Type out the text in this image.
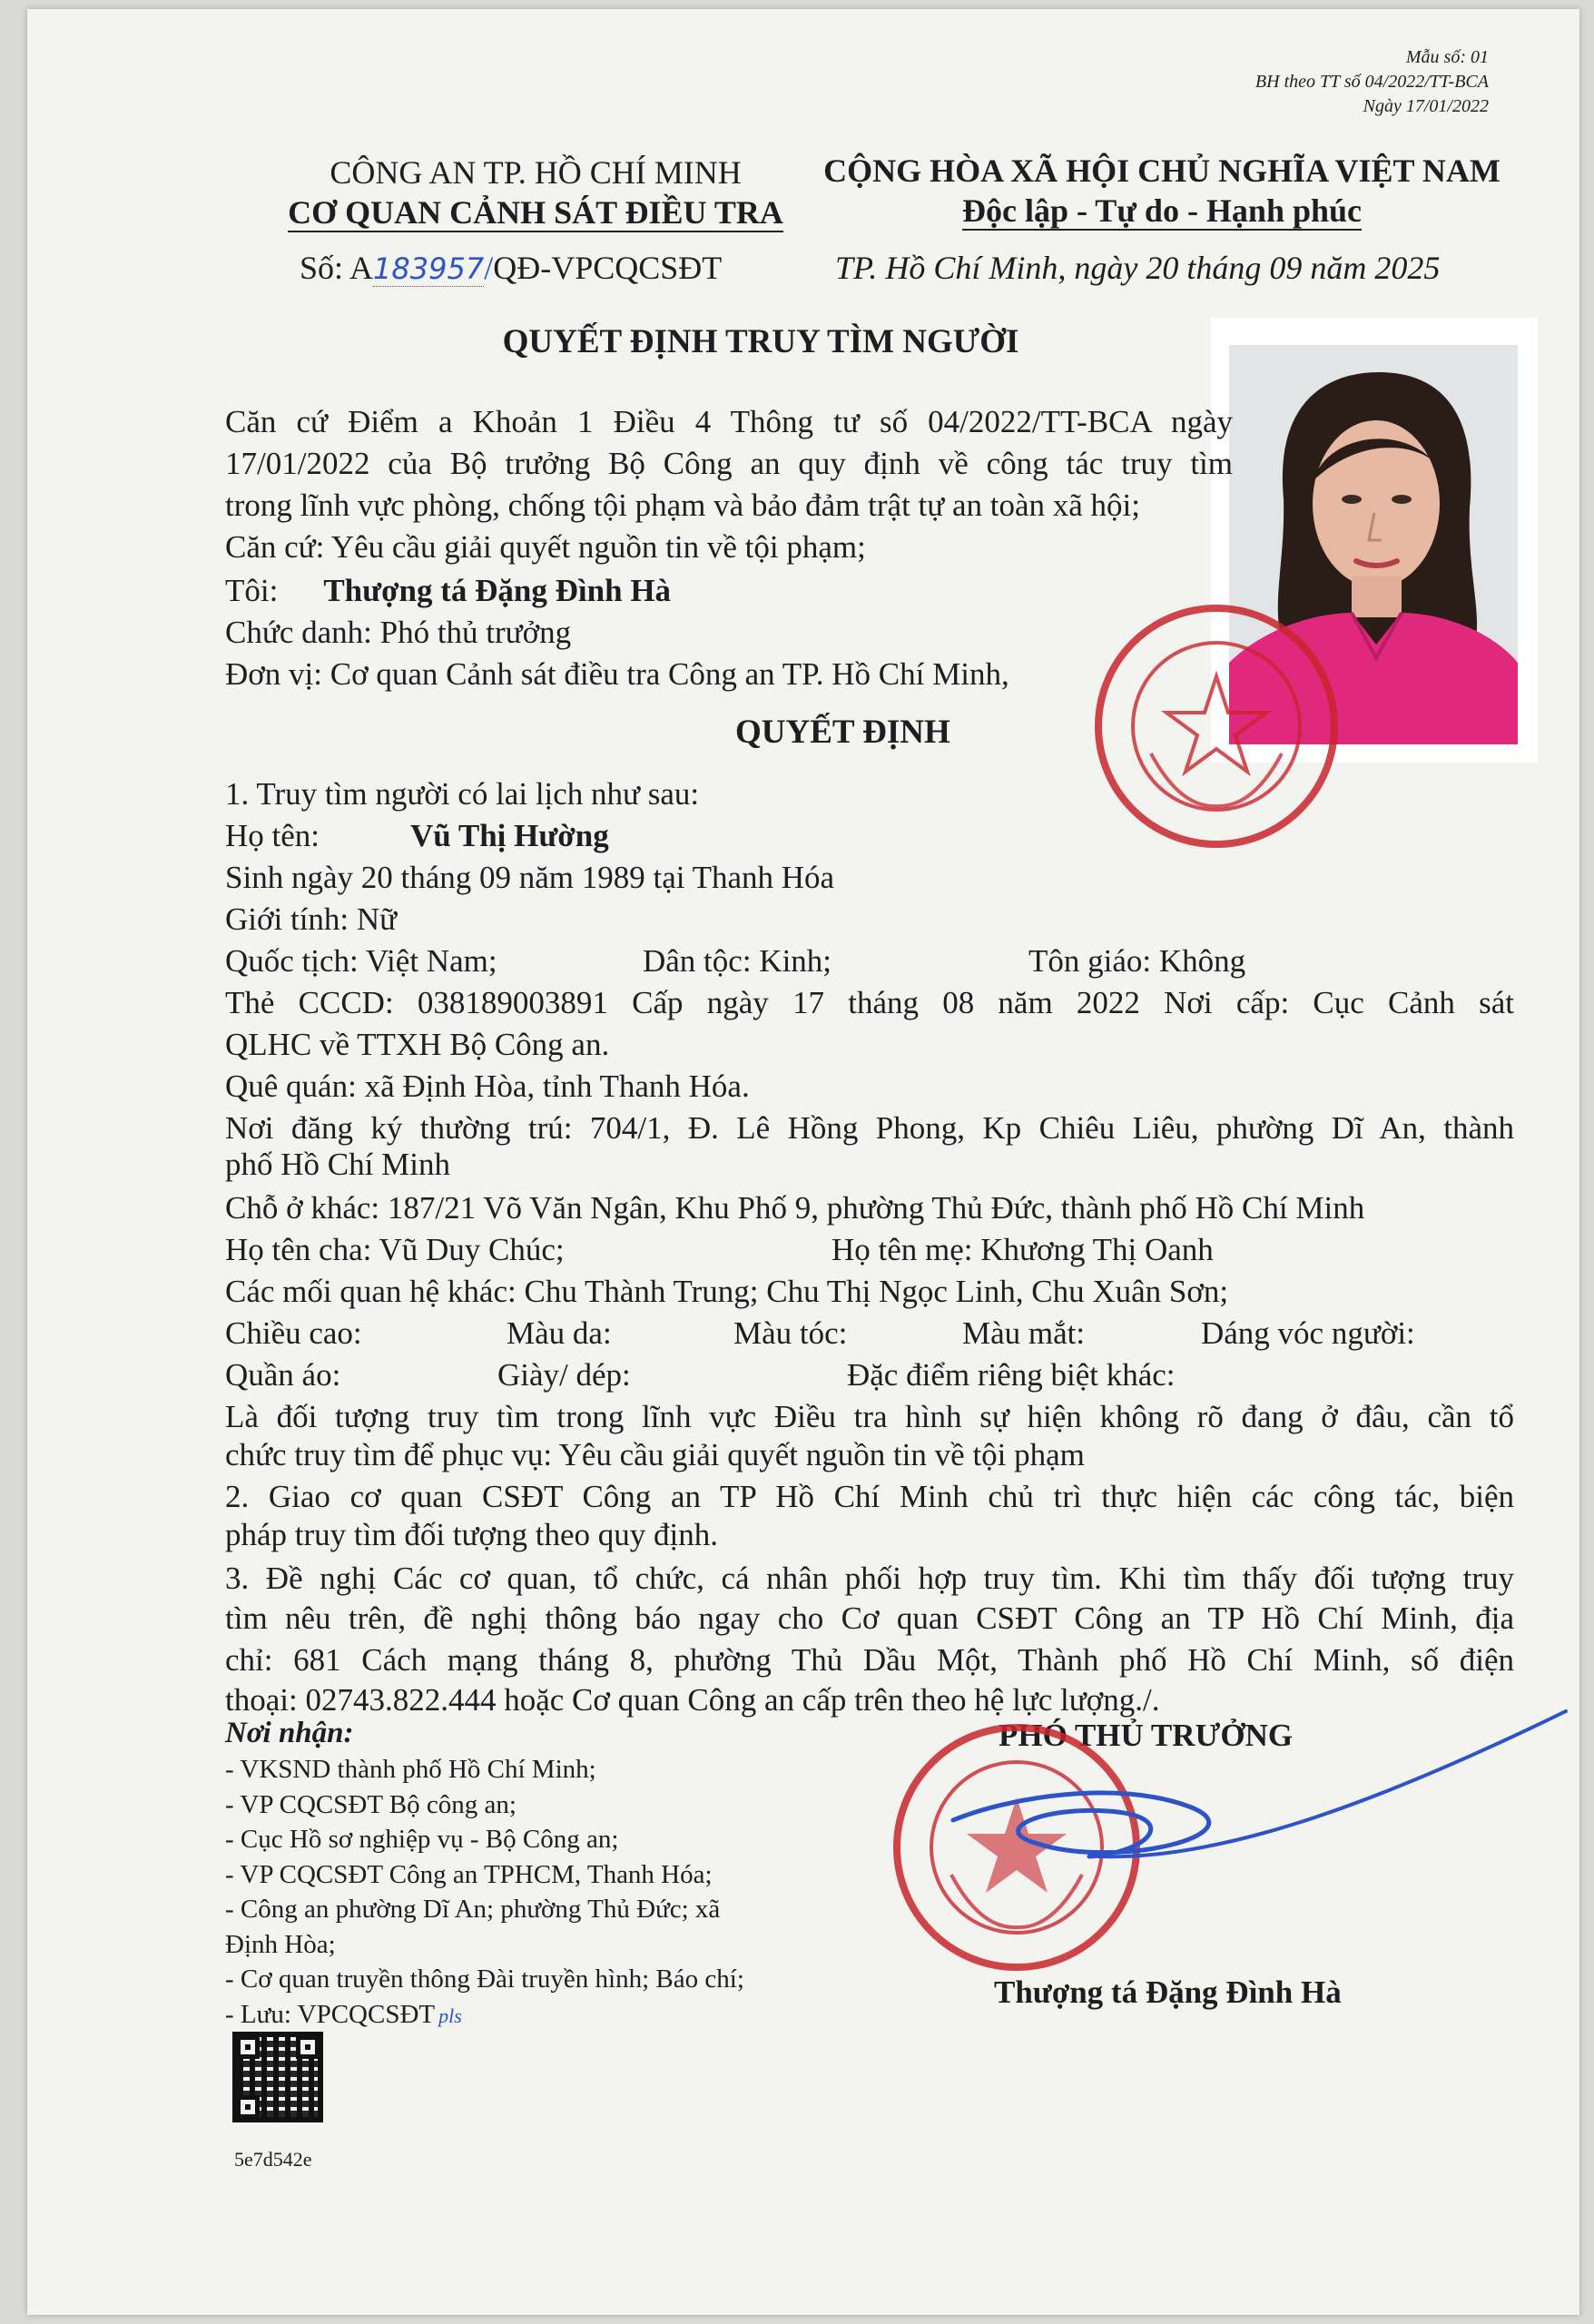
Mẫu số: 01
BH theo TT số 04/2022/TT-BCA
Ngày 17/01/2022
CÔNG AN TP. HỒ CHÍ MINH
CƠ QUAN CẢNH SÁT ĐIỀU TRA
Số: A183957/QĐ-VPCQCSĐT
CỘNG HÒA XÃ HỘI CHỦ NGHĨA VIỆT NAM
Độc lập - Tự do - Hạnh phúc
TP. Hồ Chí Minh, ngày 20 tháng 09 năm 2025
QUYẾT ĐỊNH TRUY TÌM NGƯỜI
Căn cứ Điểm a Khoản 1 Điều 4 Thông tư số 04/2022/TT-BCA ngày
17/01/2022 của Bộ trưởng Bộ Công an quy định về công tác truy tìm
trong lĩnh vực phòng, chống tội phạm và bảo đảm trật tự an toàn xã hội;
Căn cứ: Yêu cầu giải quyết nguồn tin về tội phạm;
Tôi: Thượng tá Đặng Đình Hà
Chức danh: Phó thủ trưởng
Đơn vị: Cơ quan Cảnh sát điều tra Công an TP. Hồ Chí Minh,
QUYẾT ĐỊNH
1. Truy tìm người có lai lịch như sau:
Họ tên:	Vũ Thị Hường
Sinh ngày 20 tháng 09 năm 1989 tại Thanh Hóa
Giới tính: Nữ
Quốc tịch: Việt Nam;	Dân tộc: Kinh;	Tôn giáo: Không
Thẻ CCCD: 038189003891 Cấp ngày 17 tháng 08 năm 2022 Nơi cấp: Cục Cảnh sát
QLHC về TTXH Bộ Công an.
Quê quán: xã Định Hòa, tỉnh Thanh Hóa.
Nơi đăng ký thường trú: 704/1, Đ. Lê Hồng Phong, Kp Chiêu Liêu, phường Dĩ An, thành
phố Hồ Chí Minh
Chỗ ở khác: 187/21 Võ Văn Ngân, Khu Phố 9, phường Thủ Đức, thành phố Hồ Chí Minh
Họ tên cha: Vũ Duy Chúc;	Họ tên mẹ: Khương Thị Oanh
Các mối quan hệ khác: Chu Thành Trung; Chu Thị Ngọc Linh, Chu Xuân Sơn;
Chiều cao:	Màu da:	Màu tóc:	Màu mắt:	Dáng vóc người:
Quần áo:	Giày/ dép:	Đặc điểm riêng biệt khác:
Là đối tượng truy tìm trong lĩnh vực Điều tra hình sự hiện không rõ đang ở đâu, cần tổ
chức truy tìm để phục vụ: Yêu cầu giải quyết nguồn tin về tội phạm
2. Giao cơ quan CSĐT Công an TP Hồ Chí Minh chủ trì thực hiện các công tác, biện
pháp truy tìm đối tượng theo quy định.
3. Đề nghị Các cơ quan, tổ chức, cá nhân phối hợp truy tìm. Khi tìm thấy đối tượng truy
tìm nêu trên, đề nghị thông báo ngay cho Cơ quan CSĐT Công an TP Hồ Chí Minh, địa
chỉ: 681 Cách mạng tháng 8, phường Thủ Dầu Một, Thành phố Hồ Chí Minh, số điện
thoại: 02743.822.444 hoặc Cơ quan Công an cấp trên theo hệ lực lượng./.
Nơi nhận:
- VKSND thành phố Hồ Chí Minh;
- VP CQCSĐT Bộ công an;
- Cục Hồ sơ nghiệp vụ - Bộ Công an;
- VP CQCSĐT Công an TPHCM, Thanh Hóa;
- Công an phường Dĩ An; phường Thủ Đức; xã
Định Hòa;
- Cơ quan truyền thông Đài truyền hình; Báo chí;
- Lưu: VPCQCSĐT pls
5e7d542e
PHÓ THỦ TRƯỞNG
Thượng tá Đặng Đình Hà
